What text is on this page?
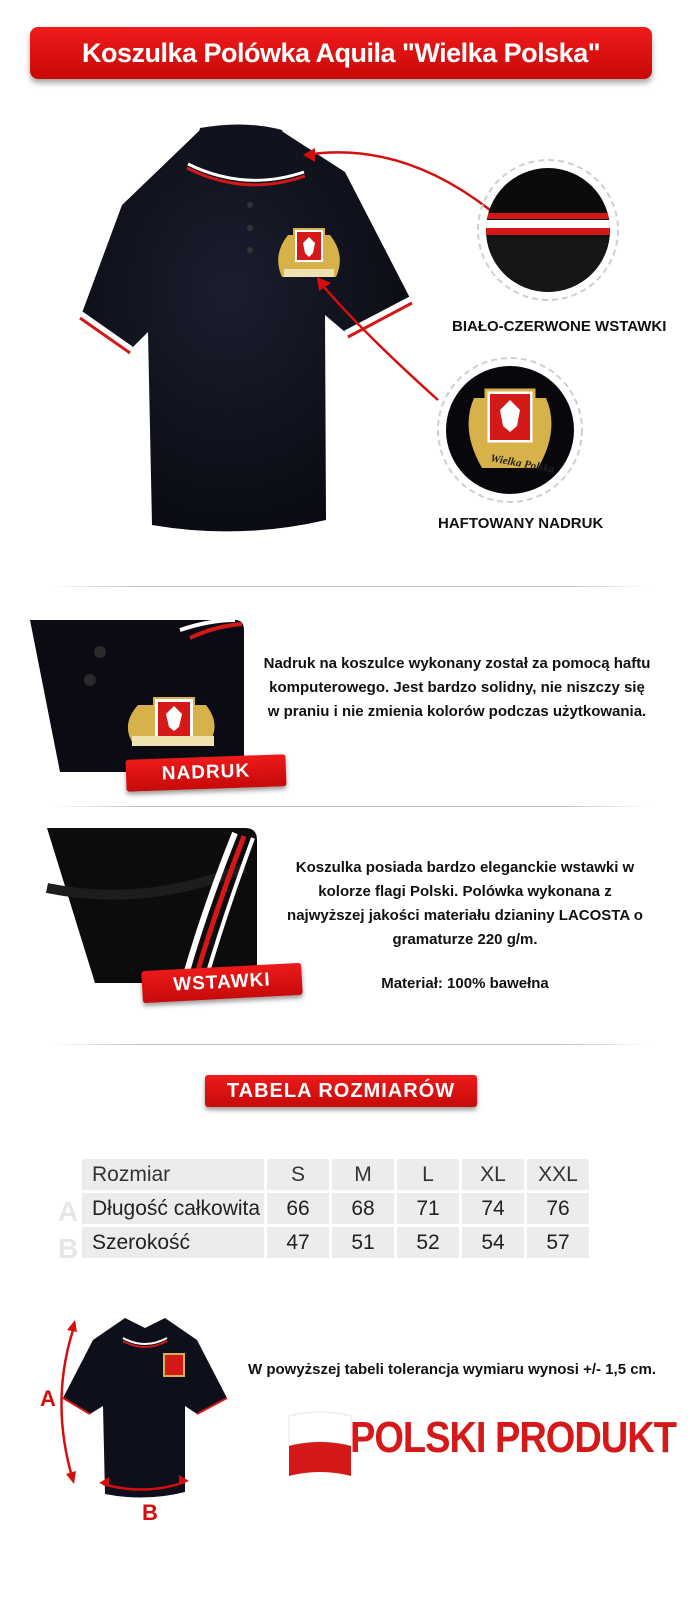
Koszulka Polówka Aquila "Wielka Polska"
BIAŁO-CZERWONE WSTAWKI
HAFTOWANY NADRUK
Wielka Polska
NADRUK
Nadruk na koszulce wykonany został za pomocą haftu komputerowego. Jest bardzo solidny, nie niszczy się w praniu i nie zmienia kolorów podczas użytkowania.
WSTAWKI
Koszulka posiada bardzo eleganckie wstawki w kolorze flagi Polski. Polówka wykonana z najwyższej jakości materiału dzianiny LACOSTA o gramaturze 220 g/m.
Materiał: 100% bawełna
TABELA ROZMIARÓW
A
B
Rozmiar	S	M	L	XL	XXL
Długość całkowita	66	68	71	74	76
Szerokość	47	51	52	54	57
A
B
W powyższej tabeli tolerancja wymiaru wynosi +/- 1,5 cm.
POLSKI PRODUKT
